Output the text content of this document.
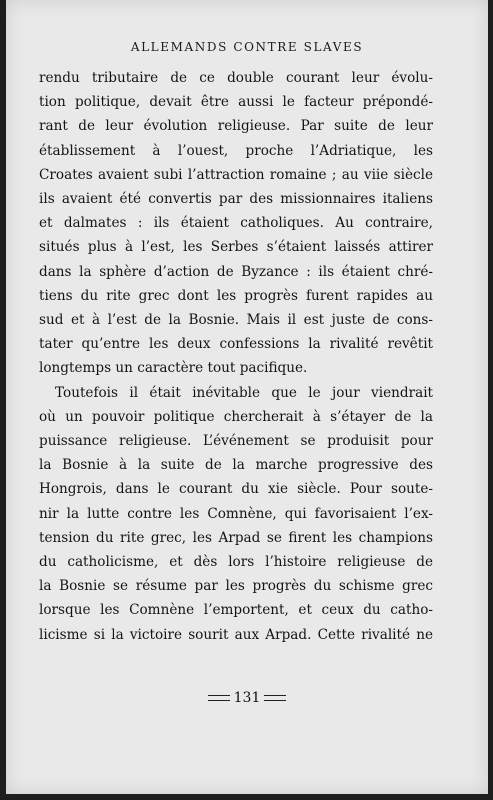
ALLEMANDS CONTRE SLAVES
rendu tributaire de ce double courant leur évolu-
tion politique, devait être aussi le facteur prépondé-
rant de leur évolution religieuse. Par suite de leur
établissement à l’ouest, proche l’Adriatique, les
Croates avaient subi l’attraction romaine ; au viie siècle
ils avaient été convertis par des missionnaires italiens
et dalmates : ils étaient catholiques. Au contraire,
situés plus à l’est, les Serbes s’étaient laissés attirer
dans la sphère d’action de Byzance : ils étaient chré-
tiens du rite grec dont les progrès furent rapides au
sud et à l’est de la Bosnie. Mais il est juste de cons-
tater qu’entre les deux confessions la rivalité revêtit
longtemps un caractère tout pacifique.
Toutefois il était inévitable que le jour viendrait
où un pouvoir politique chercherait à s’étayer de la
puissance religieuse. L’événement se produisit pour
la Bosnie à la suite de la marche progressive des
Hongrois, dans le courant du xie siècle. Pour soute-
nir la lutte contre les Comnène, qui favorisaient l’ex-
tension du rite grec, les Arpad se firent les champions
du catholicisme, et dès lors l’histoire religieuse de
la Bosnie se résume par les progrès du schisme grec
lorsque les Comnène l’emportent, et ceux du catho-
licisme si la victoire sourit aux Arpad. Cette rivalité ne
131
